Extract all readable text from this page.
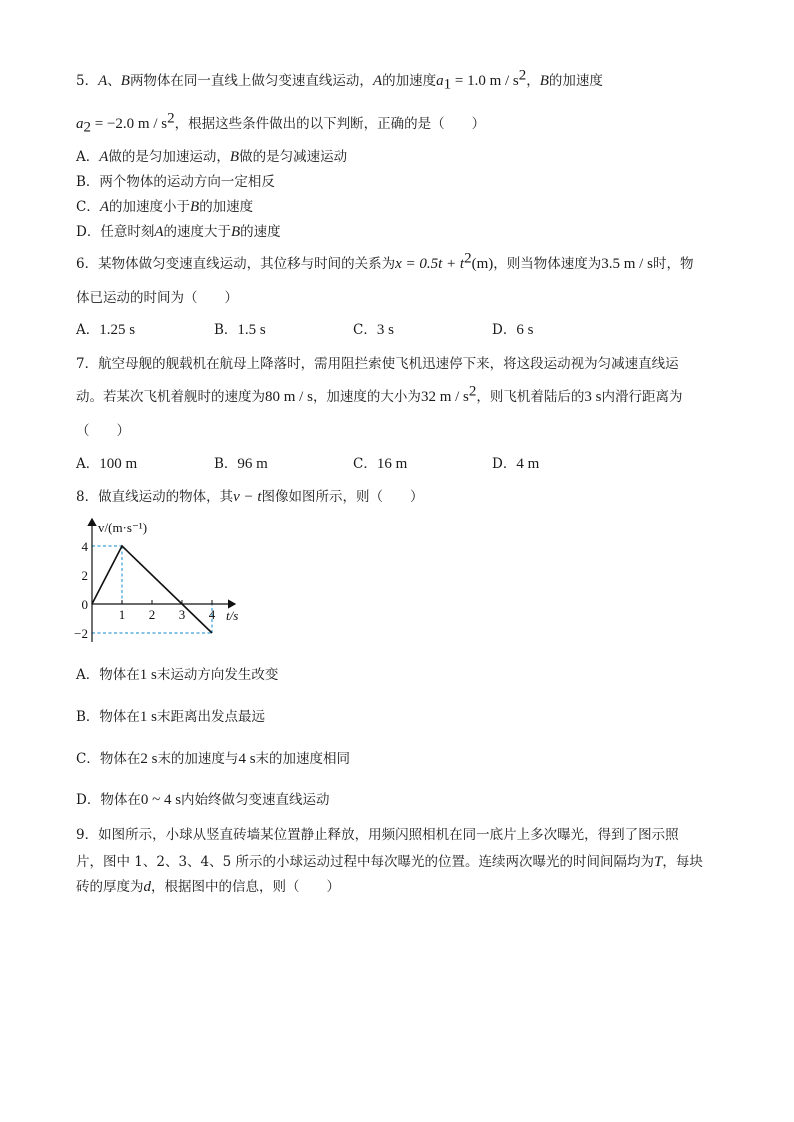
5．A、B两物体在同一直线上做匀变速直线运动，A的加速度$a_1 = 1.0$ m / $s^2$，B的加速度
$a_2 = -2.0$ m / $s^2$，根据这些条件做出的以下判断，正确的是（　　）
A．A做的是匀加速运动，B做的是匀减速运动
B．两个物体的运动方向一定相反
C．A的加速度小于B的加速度
D．任意时刻A的速度大于B的速度
6．某物体做匀变速直线运动，其位移与时间的关系为$x = 0.5t + t^2(m)$，则当物体速度为3.5 m / s时，物
体已运动的时间为（　　）
A．1.25 s	B．1.5 s	C．3 s	D．6 s
7．航空母舰的舰载机在航母上降落时，需用阻拦索使飞机迅速停下来，将这段运动视为匀减速直线运
动。若某次飞机着舰时的速度为80 m / s，加速度的大小为32 m / $s^2$，则飞机着陆后的3 s内滑行距离为
（　　）
A．100 m	B．96 m	C．16 m	D．4 m
8．做直线运动的物体，其v − t图像如图所示，则（　　）
v/(m·s⁻¹)
t/s
4
2
0
−2
1 2 3 4
A．物体在1 s末运动方向发生改变
B．物体在1 s末距离出发点最远
C．物体在2 s末的加速度与4 s末的加速度相同
D．物体在0 ~ 4 s内始终做匀变速直线运动
9．如图所示，小球从竖直砖墙某位置静止释放，用频闪照相机在同一底片上多次曝光，得到了图示照
片，图中 1、2、3、4、5 所示的小球运动过程中每次曝光的位置。连续两次曝光的时间间隔均为T，每块
砖的厚度为d，根据图中的信息，则（　　）
